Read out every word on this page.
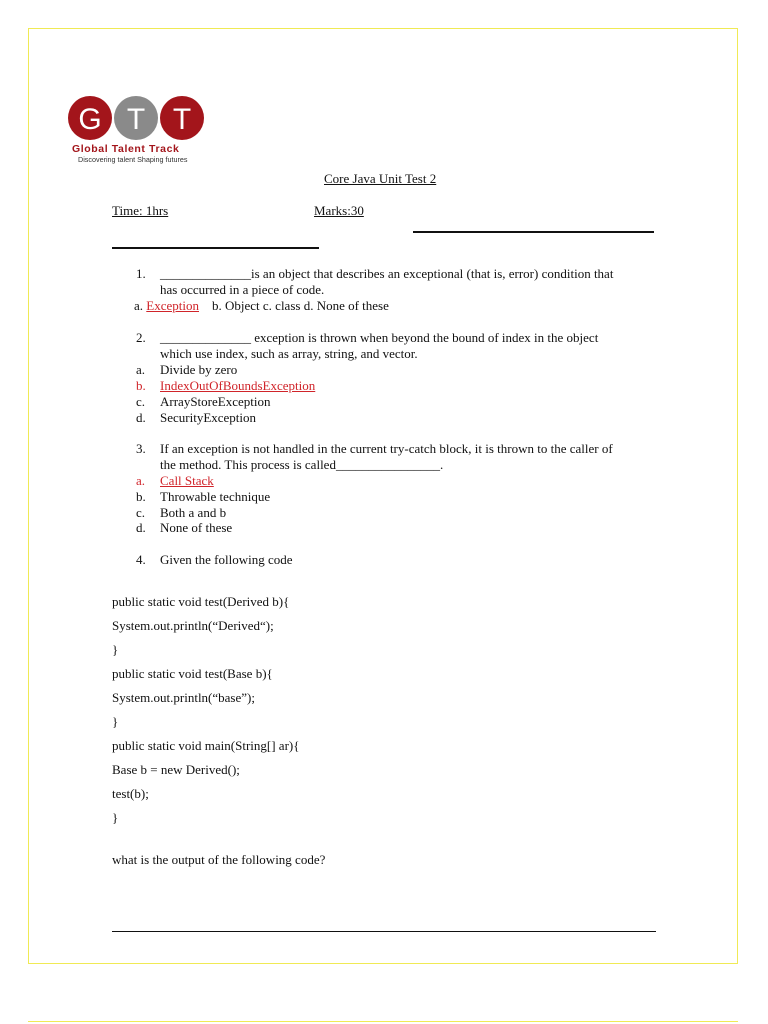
G T T
Global Talent Track
Discovering talent Shaping futures
Core Java Unit Test 2
Time: 1hrs	Marks:30
1. ______________is an object that describes an exceptional (that is, error) condition that
has occurred in a piece of code.
a. Exception b. Object c. class d. None of these
2. ______________ exception is thrown when beyond the bound of index in the object
which use index, such as array, string, and vector.
a. Divide by zero
b. IndexOutOfBoundsException
c. ArrayStoreException
d. SecurityException
3. If an exception is not handled in the current try-catch block, it is thrown to the caller of
the method. This process is called________________.
a. Call Stack
b. Throwable technique
c. Both a and b
d. None of these
4. Given the following code
public static void test(Derived b){
System.out.println(“Derived“);
}
public static void test(Base b){
System.out.println(“base”);
}
public static void main(String[] ar){
Base b = new Derived();
test(b);
}
what is the output of the following code?
